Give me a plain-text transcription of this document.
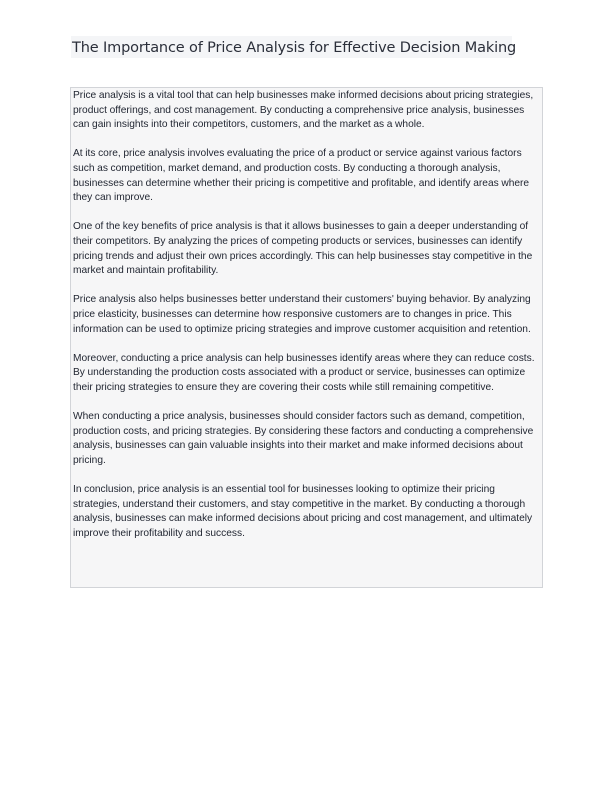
The Importance of Price Analysis for Effective Decision Making

Price analysis is a vital tool that can help businesses make informed decisions about pricing strategies, product offerings, and cost management. By conducting a comprehensive price analysis, businesses can gain insights into their competitors, customers, and the market as a whole.

At its core, price analysis involves evaluating the price of a product or service against various factors such as competition, market demand, and production costs. By conducting a thorough analysis, businesses can determine whether their pricing is competitive and profitable, and identify areas where they can improve.

One of the key benefits of price analysis is that it allows businesses to gain a deeper understanding of their competitors. By analyzing the prices of competing products or services, businesses can identify pricing trends and adjust their own prices accordingly. This can help businesses stay competitive in the market and maintain profitability.

Price analysis also helps businesses better understand their customers' buying behavior. By analyzing price elasticity, businesses can determine how responsive customers are to changes in price. This information can be used to optimize pricing strategies and improve customer acquisition and retention.

Moreover, conducting a price analysis can help businesses identify areas where they can reduce costs. By understanding the production costs associated with a product or service, businesses can optimize their pricing strategies to ensure they are covering their costs while still remaining competitive.

When conducting a price analysis, businesses should consider factors such as demand, competition, production costs, and pricing strategies. By considering these factors and conducting a comprehensive analysis, businesses can gain valuable insights into their market and make informed decisions about pricing.

In conclusion, price analysis is an essential tool for businesses looking to optimize their pricing strategies, understand their customers, and stay competitive in the market. By conducting a thorough analysis, businesses can make informed decisions about pricing and cost management, and ultimately improve their profitability and success.
